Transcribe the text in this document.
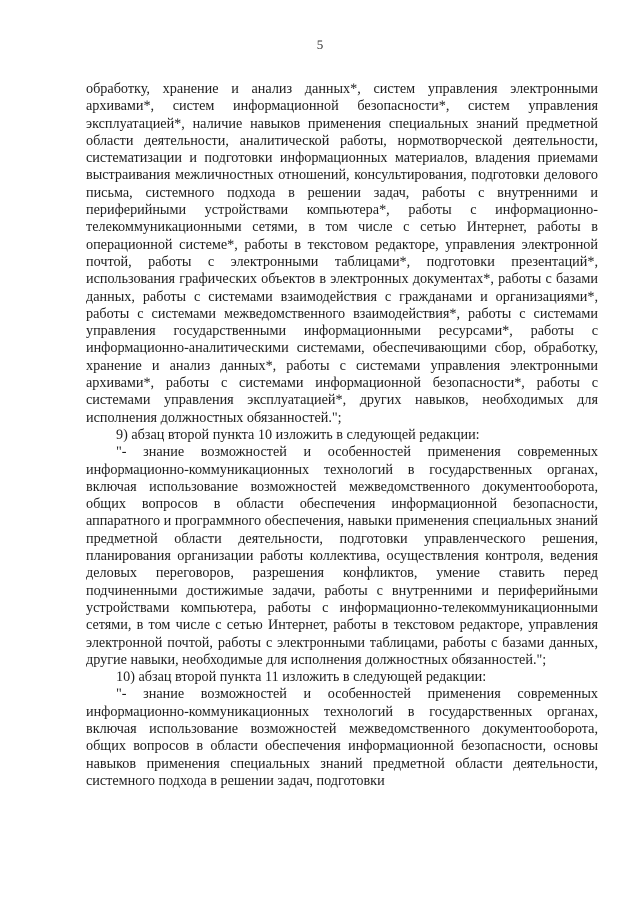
5

обработку, хранение и анализ данных*, систем управления электронными архивами*, систем информационной безопасности*, систем управления эксплуатацией*, наличие навыков применения специальных знаний предметной области деятельности, аналитической работы, нормотворческой деятельности, систематизации и подготовки информационных материалов, владения приемами выстраивания межличностных отношений, консультирования, подготовки делового письма, системного подхода в решении задач, работы с внутренними и периферийными устройствами компьютера*, работы с информационно-телекоммуникационными сетями, в том числе с сетью Интернет, работы в операционной системе*, работы в текстовом редакторе, управления электронной почтой, работы с электронными таблицами*, подготовки презентаций*, использования графических объектов в электронных документах*, работы с базами данных, работы с системами взаимодействия с гражданами и организациями*, работы с системами межведомственного взаимодействия*, работы с системами управления государственными информационными ресурсами*, работы с информационно-аналитическими системами, обеспечивающими сбор, обработку, хранение и анализ данных*, работы с системами управления электронными архивами*, работы с системами информационной безопасности*, работы с системами управления эксплуатацией*, других навыков, необходимых для исполнения должностных обязанностей.";

9) абзац второй пункта 10 изложить в следующей редакции:

"- знание возможностей и особенностей применения современных информационно-коммуникационных технологий в государственных органах, включая использование возможностей межведомственного документооборота, общих вопросов в области обеспечения информационной безопасности, аппаратного и программного обеспечения, навыки применения специальных знаний предметной области деятельности, подготовки управленческого решения, планирования организации работы коллектива, осуществления контроля, ведения деловых переговоров, разрешения конфликтов, умение ставить перед подчиненными достижимые задачи, работы с внутренними и периферийными устройствами компьютера, работы с информационно-телекоммуникационными сетями, в том числе с сетью Интернет, работы в текстовом редакторе, управления электронной почтой, работы с электронными таблицами, работы с базами данных, другие навыки, необходимые для исполнения должностных обязанностей.";

10) абзац второй пункта 11 изложить в следующей редакции:

"- знание возможностей и особенностей применения современных информационно-коммуникационных технологий в государственных органах, включая использование возможностей межведомственного документооборота, общих вопросов в области обеспечения информационной безопасности, основы навыков применения специальных знаний предметной области деятельности, системного подхода в решении задач, подготовки
